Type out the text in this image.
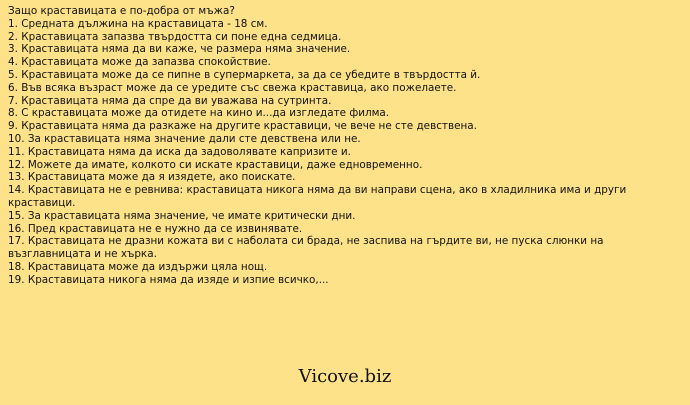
Защо краставицата е по-добра от мъжа?
1. Средната дължина на краставицата - 18 см.
2. Краставицата запазва твърдостта си поне една седмица.
3. Краставицата няма да ви каже, че размера няма значение.
4. Краставицата може да запазва спокойствие.
5. Краставицата може да се пипне в супермаркета, за да се убедите в твърдостта й.
6. Във всяка възраст може да се уредите със свежа краставица, ако пожелаете.
7. Краставицата няма да спре да ви уважава на сутринта.
8. С краставицата може да отидете на кино и...да изгледате филма.
9. Краставицата няма да разкаже на другите краставици, че вече не сте девствена.
10. За краставицата няма значение дали сте девствена или не.
11. Краставицата няма да иска да задоволявате капризите и.
12. Можете да имате, колкото си искате краставици, даже едновременно.
13. Краставицата може да я изядете, ако поискате.
14. Краставицата не е ревнива: краставицата никога няма да ви направи сцена, ако в хладилника има и други
краставици.
15. За краставицата няма значение, че имате критически дни.
16. Пред краставицата не е нужно да се извинявате.
17. Краставицата не дразни кожата ви с наболата си брада, не заспива на гърдите ви, не пуска слюнки на възглавницата и не хърка.
18. Краставицата може да издържи цяла нощ.
19. Краставицата никога няма да изяде и изпие всичко,...
Vicove.biz
